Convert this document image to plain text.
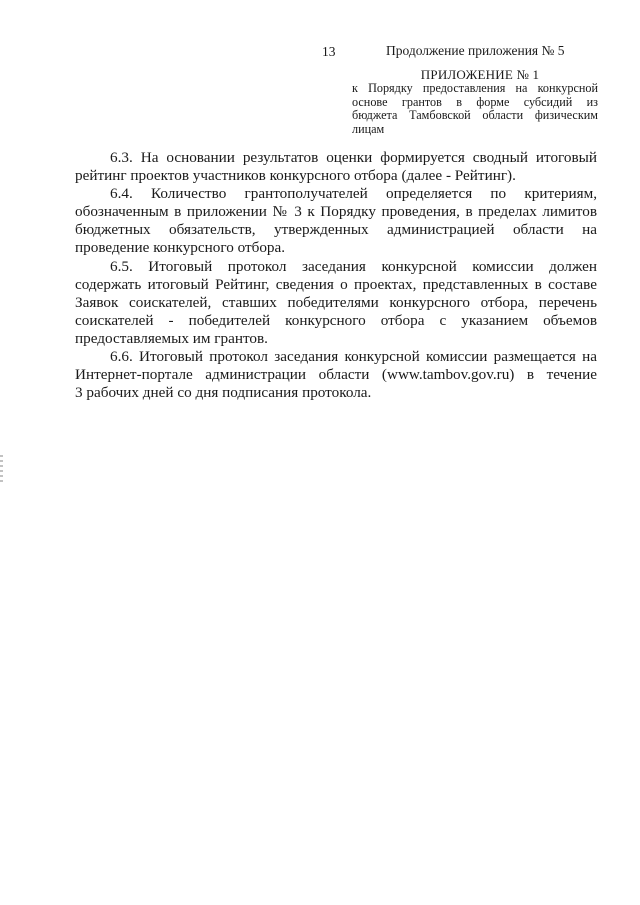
13	Продолжение приложения № 5
ПРИЛОЖЕНИЕ № 1
к Порядку предоставления на конкурсной
основе грантов в форме субсидий из
бюджета Тамбовской области физическим
лицам
6.3. На основании результатов оценки формируется сводный итоговый
рейтинг проектов участников конкурсного отбора (далее - Рейтинг).
6.4. Количество грантополучателей определяется по критериям,
обозначенным в приложении № 3 к Порядку проведения, в пределах лимитов
бюджетных обязательств, утвержденных администрацией области на
проведение конкурсного отбора.
6.5. Итоговый протокол заседания конкурсной комиссии должен
содержать итоговый Рейтинг, сведения о проектах, представленных в составе
Заявок соискателей, ставших победителями конкурсного отбора, перечень
соискателей - победителей конкурсного отбора с указанием объемов
предоставляемых им грантов.
6.6. Итоговый протокол заседания конкурсной комиссии размещается на
Интернет-портале администрации области (www.tambov.gov.ru) в течение
3 рабочих дней со дня подписания протокола.
